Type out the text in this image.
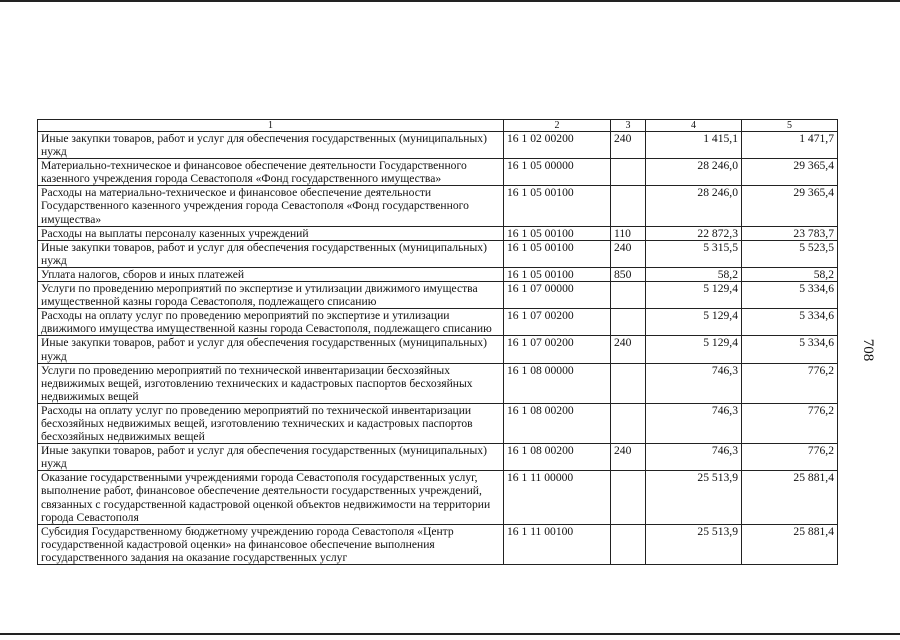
1	2	3	4	5
Иные закупки товаров, работ и услуг для обеспечения государственных (муниципальных) нужд	16 1 02 00200	240	1 415,1	1 471,7
Материально-техническое и финансовое обеспечение деятельности Государственного казенного учреждения города Севастополя «Фонд государственного имущества»	16 1 05 00000		28 246,0	29 365,4
Расходы на материально-техническое и финансовое обеспечение деятельности Государственного казенного учреждения города Севастополя «Фонд государственного имущества»	16 1 05 00100		28 246,0	29 365,4
Расходы на выплаты персоналу казенных учреждений	16 1 05 00100	110	22 872,3	23 783,7
Иные закупки товаров, работ и услуг для обеспечения государственных (муниципальных) нужд	16 1 05 00100	240	5 315,5	5 523,5
Уплата налогов, сборов и иных платежей	16 1 05 00100	850	58,2	58,2
Услуги по проведению мероприятий по экспертизе и утилизации движимого имущества имущественной казны города Севастополя, подлежащего списанию	16 1 07 00000		5 129,4	5 334,6
Расходы на оплату услуг по проведению мероприятий по экспертизе и утилизации движимого имущества имущественной казны города Севастополя, подлежащего списанию	16 1 07 00200		5 129,4	5 334,6
Иные закупки товаров, работ и услуг для обеспечения государственных (муниципальных) нужд	16 1 07 00200	240	5 129,4	5 334,6
Услуги по проведению мероприятий по технической инвентаризации бесхозяйных недвижимых вещей, изготовлению технических и кадастровых паспортов бесхозяйных недвижимых вещей	16 1 08 00000		746,3	776,2
Расходы на оплату услуг по проведению мероприятий по технической инвентаризации бесхозяйных недвижимых вещей, изготовлению технических и кадастровых паспортов бесхозяйных недвижимых вещей	16 1 08 00200		746,3	776,2
Иные закупки товаров, работ и услуг для обеспечения государственных (муниципальных) нужд	16 1 08 00200	240	746,3	776,2
Оказание государственными учреждениями города Севастополя государственных услуг, выполнение работ, финансовое обеспечение деятельности государственных учреждений, связанных с государственной кадастровой оценкой объектов недвижимости на территории города Севастополя	16 1 11 00000		25 513,9	25 881,4
Субсидия Государственному бюджетному учреждению города Севастополя «Центр государственной кадастровой оценки» на финансовое обеспечение выполнения государственного задания на оказание государственных услуг	16 1 11 00100		25 513,9	25 881,4
708
